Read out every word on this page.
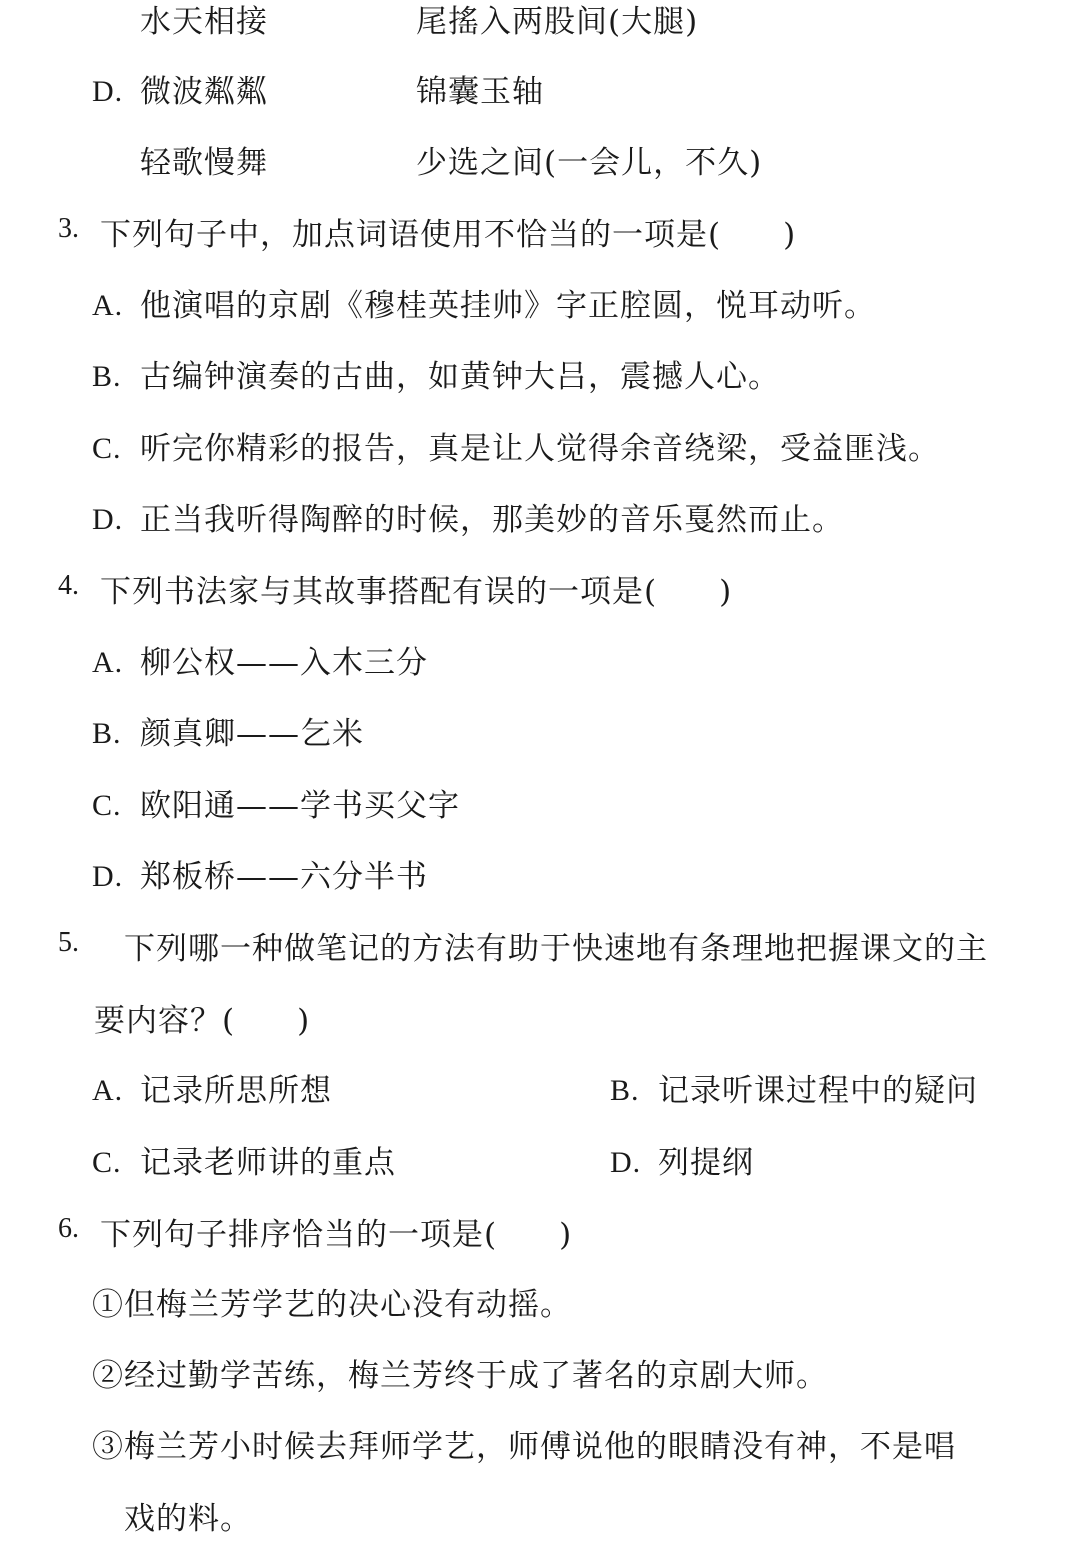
水天相接	尾搖入两股间(大腿)
D. 微波粼粼	锦囊玉轴
轻歌慢舞	少选之间(一会儿，不久)
3. 下列句子中，加点词语使用不恰当的一项是( )
A. 他演唱的京剧《穆桂英挂帅》字正腔圆，悦耳动听。
B. 古编钟演奏的古曲，如黄钟大吕，震撼人心。
C. 听完你精彩的报告，真是让人觉得余音绕梁，受益匪浅。
D. 正当我听得陶醉的时候，那美妙的音乐戛然而止。
4. 下列书法家与其故事搭配有误的一项是( )
A. 柳公权——入木三分
B. 颜真卿——乞米
C. 欧阳通——学书买父字
D. 郑板桥——六分半书
5. 下列哪一种做笔记的方法有助于快速地有条理地把握课文的主
要内容？( )
A. 记录所思所想	B. 记录听课过程中的疑问
C. 记录老师讲的重点	D. 列提纲
6. 下列句子排序恰当的一项是( )
①但梅兰芳学艺的决心没有动摇。
②经过勤学苦练，梅兰芳终于成了著名的京剧大师。
③梅兰芳小时候去拜师学艺，师傅说他的眼睛没有神，不是唱
戏的料。
